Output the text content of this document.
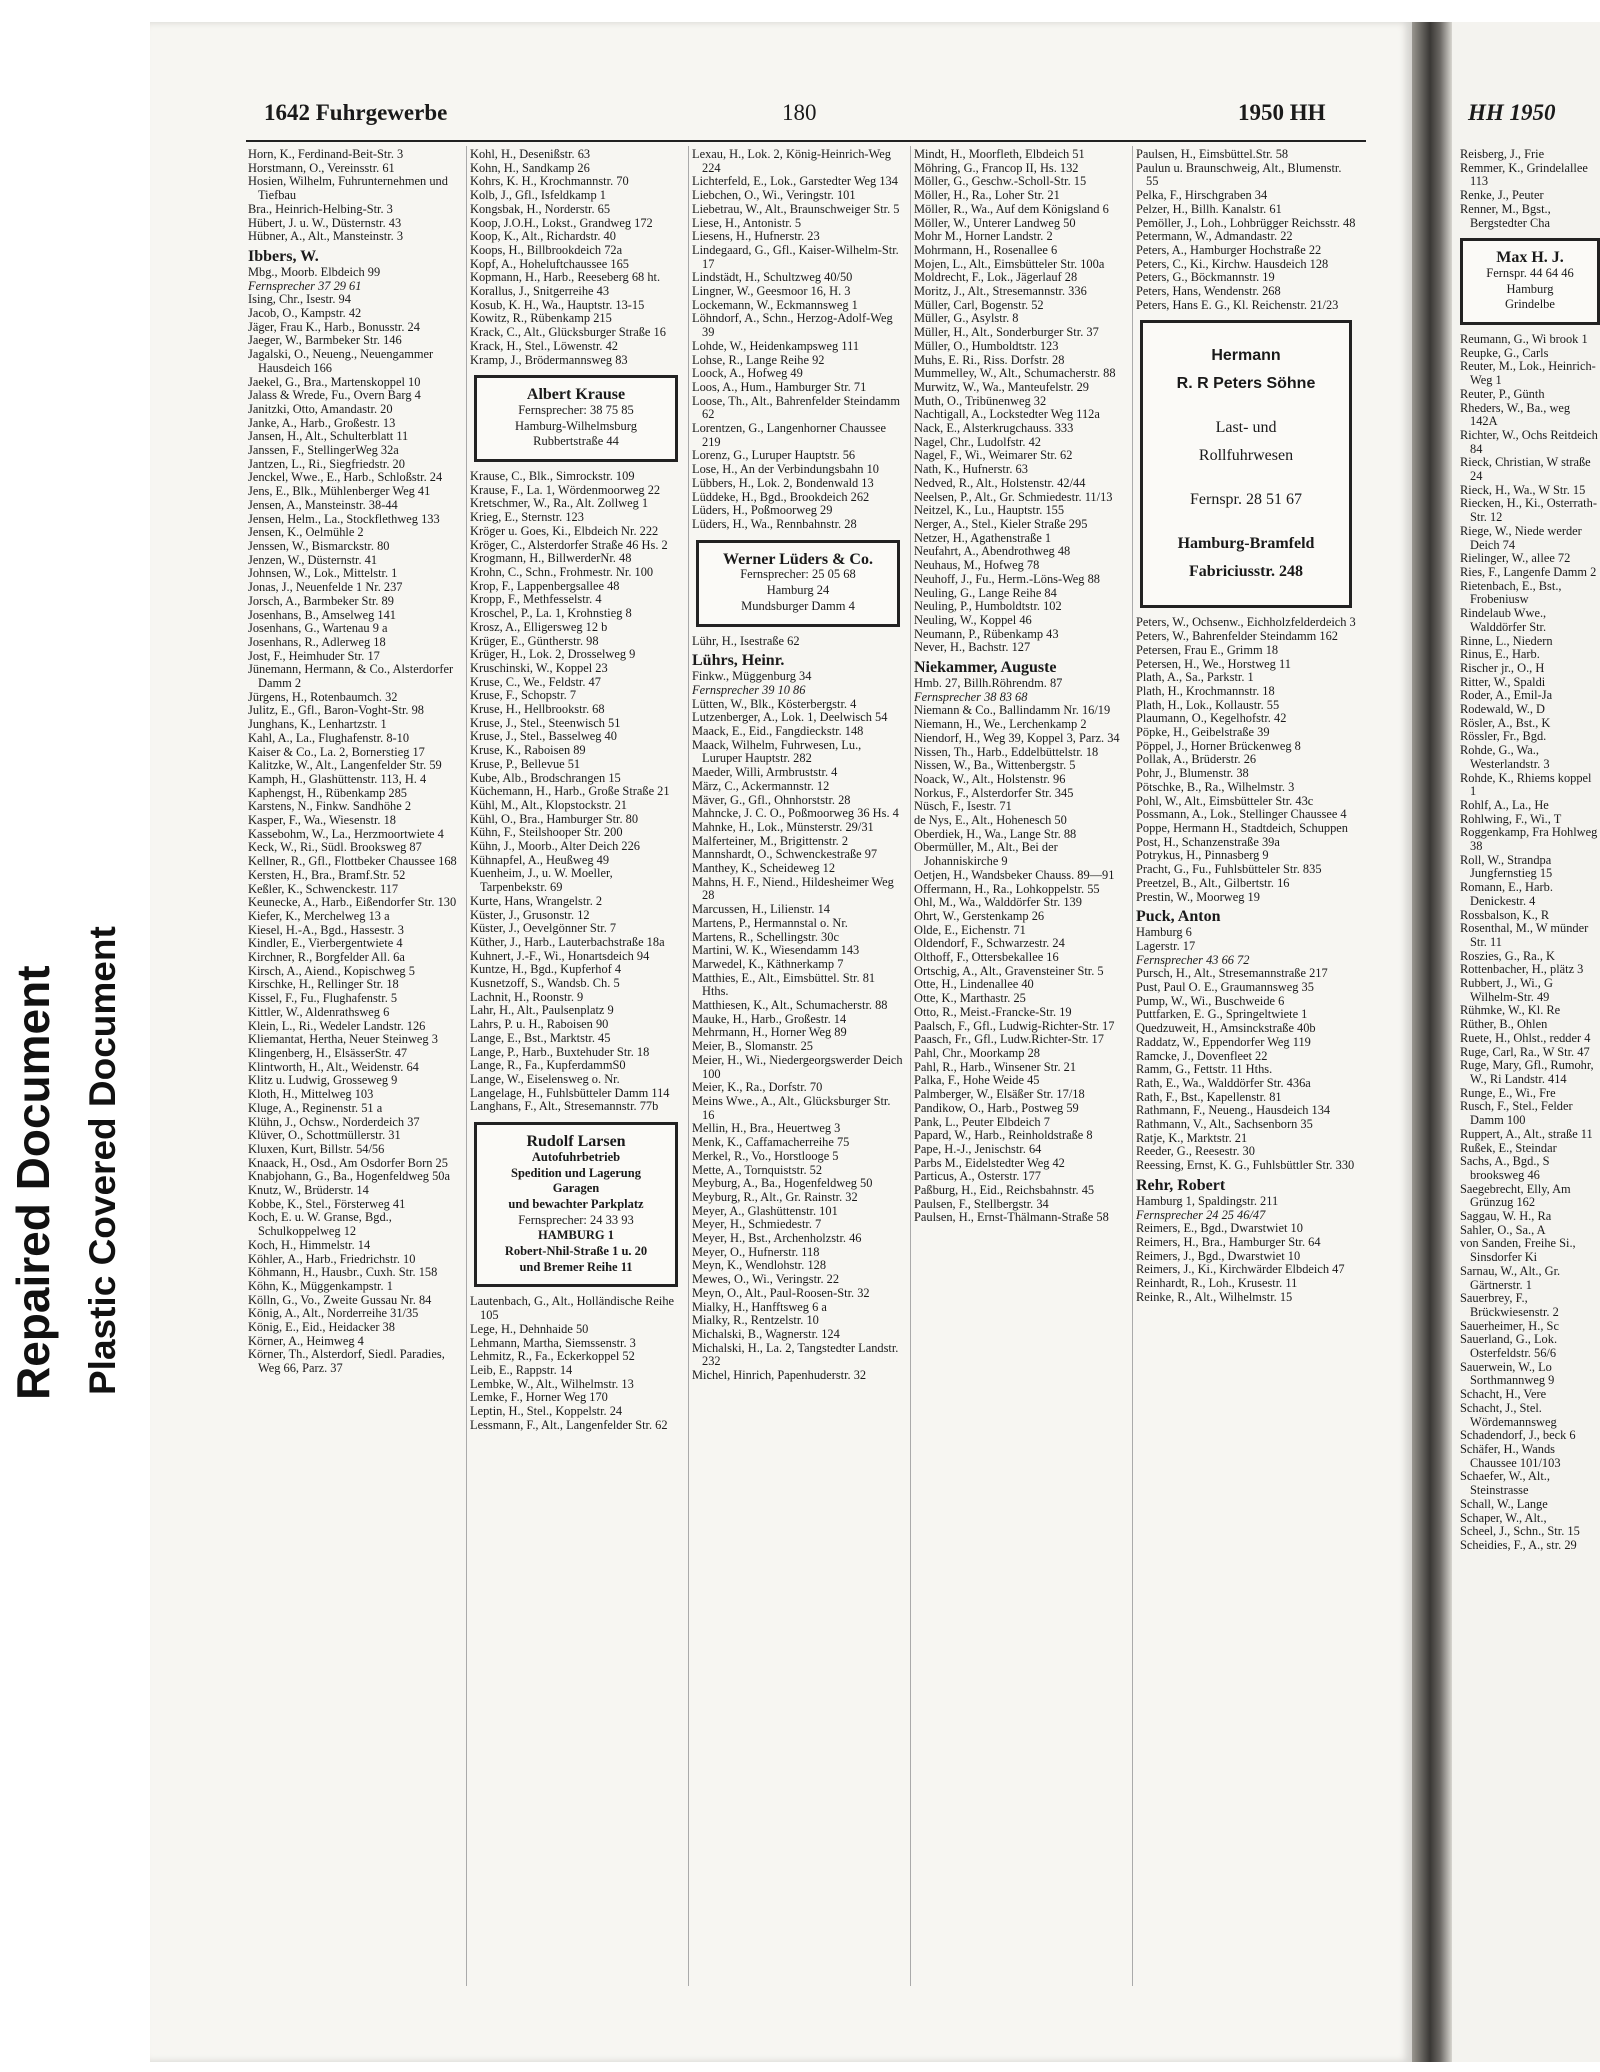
Repaired Document Plastic Covered Document
1642 Fuhrgewerbe	180	1950 HH

Horn, K., Ferdinand-Beit-Str. 3

Horstmann, O., Vereinsstr. 61

Hosien, Wilhelm, Fuhrunternehmen und Tiefbau

Bra., Heinrich-Helbing-Str. 3

Hübert, J. u. W., Düsternstr. 43

Hübner, A., Alt., Mansteinstr. 3

Ibbers, W.

Mbg., Moorb. Elbdeich 99

Fernsprecher 37 29 61

Ising, Chr., Isestr. 94

Jacob, O., Kampstr. 42

Jäger, Frau K., Harb., Bonusstr. 24

Jaeger, W., Barmbeker Str. 146

Jagalski, O., Neueng., Neuengammer Hausdeich 166

Jaekel, G., Bra., Martenskoppel 10

Jalass & Wrede, Fu., Overn Barg 4

Janitzki, Otto, Amandastr. 20

Janke, A., Harb., Großestr. 13

Jansen, H., Alt., Schulterblatt 11

Janssen, F., StellingerWeg 32a

Jantzen, L., Ri., Siegfriedstr. 20

Jenckel, Wwe., E., Harb., Schloßstr. 24

Jens, E., Blk., Mühlenberger Weg 41

Jensen, A., Mansteinstr. 38-44

Jensen, Helm., La., Stockflethweg 133

Jensen, K., Oelmühle 2

Jenssen, W., Bismarckstr. 80

Jenzen, W., Düsternstr. 41

Johnsen, W., Lok., Mittelstr. 1

Jonas, J., Neuenfelde 1 Nr. 237

Jorsch, A., Barmbeker Str. 89

Josenhans, B., Amselweg 141

Josenhans, G., Wartenau 9 a

Josenhans, R., Adlerweg 18

Jost, F., Heimhuder Str. 17

Jünemann, Hermann, & Co., Alsterdorfer Damm 2

Jürgens, H., Rotenbaumch. 32

Julitz, E., Gfl., Baron-Voght-Str. 98

Junghans, K., Lenhartzstr. 1

Kahl, A., La., Flughafenstr. 8-10

Kaiser & Co., La. 2, Bornerstieg 17

Kalitzke, W., Alt., Langenfelder Str. 59

Kamph, H., Glashüttenstr. 113, H. 4

Kaphengst, H., Rübenkamp 285

Karstens, N., Finkw. Sandhöhe 2

Kasper, F., Wa., Wiesenstr. 18

Kassebohm, W., La., Herzmoortwiete 4

Keck, W., Ri., Südl. Brooksweg 87

Kellner, R., Gfl., Flottbeker Chaussee 168

Kersten, H., Bra., Bramf.Str. 52

Keßler, K., Schwenckestr. 117

Keunecke, A., Harb., Eißendorfer Str. 130

Kiefer, K., Merchelweg 13 a

Kiesel, H.-A., Bgd., Hassestr. 3

Kindler, E., Vierbergentwiete 4

Kirchner, R., Borgfelder All. 6a

Kirsch, A., Aiend., Kopischweg 5

Kirschke, H., Rellinger Str. 18

Kissel, F., Fu., Flughafenstr. 5

Kittler, W., Aldenrathsweg 6

Klein, L., Ri., Wedeler Landstr. 126

Kliemantat, Hertha, Neuer Steinweg 3

Klingenberg, H., ElsässerStr. 47

Klintworth, H., Alt., Weidenstr. 64

Klitz u. Ludwig, Grosseweg 9

Kloth, H., Mittelweg 103

Kluge, A., Reginenstr. 51 a

Klühn, J., Ochsw., Norderdeich 37

Klüver, O., Schottmüllerstr. 31

Kluxen, Kurt, Billstr. 54/56

Knaack, H., Osd., Am Osdorfer Born 25

Knabjohann, G., Ba., Hogenfeldweg 50a

Knutz, W., Brüderstr. 14

Kobbe, K., Stel., Försterweg 41

Koch, E. u. W. Granse, Bgd., Schulkoppelweg 12

Koch, H., Himmelstr. 14

Köhler, A., Harb., Friedrichstr. 10

Köhmann, H., Hausbr., Cuxh. Str. 158

Köhn, K., Müggenkampstr. 1

Kölln, G., Vo., Zweite Gussau Nr. 84

König, A., Alt., Norderreihe 31/35

König, E., Eid., Heidacker 38

Körner, A., Heimweg 4

Körner, Th., Alsterdorf, Siedl. Paradies, Weg 66, Parz. 37

Kohl, H., Desenißstr. 63

Kohn, H., Sandkamp 26

Kohrs, K. H., Krochmannstr. 70

Kolb, J., Gfl., Isfeldkamp 1

Kongsbak, H., Norderstr. 65

Koop, J.O.H., Lokst., Grandweg 172

Koop, K., Alt., Richardstr. 40

Koops, H., Billbrookdeich 72a

Kopf, A., Hoheluftchaussee 165

Kopmann, H., Harb., Reeseberg 68 ht.

Korallus, J., Snitgerreihe 43

Kosub, K. H., Wa., Hauptstr. 13-15

Kowitz, R., Rübenkamp 215

Krack, C., Alt., Glücksburger Straße 16

Krack, H., Stel., Löwenstr. 42

Kramp, J., Brödermannsweg 83

Albert Krause
Fernsprecher: 38 75 85
Hamburg-Wilhelmsburg
Rubbertstraße 44

Krause, C., Blk., Simrockstr. 109

Krause, F., La. 1, Wördenmoorweg 22

Kretschmer, W., Ra., Alt. Zollweg 1

Krieg, E., Sternstr. 123

Kröger u. Goes, Ki., Elbdeich Nr. 222

Kröger, C., Alsterdorfer Straße 46 Hs. 2

Krogmann, H., BillwerderNr. 48

Krohn, C., Schn., Frohmestr. Nr. 100

Krop, F., Lappenbergsallee 48

Kropp, F., Methfesselstr. 4

Kroschel, P., La. 1, Krohnstieg 8

Krosz, A., Elligersweg 12 b

Krüger, E., Güntherstr. 98

Krüger, H., Lok. 2, Drosselweg 9

Kruschinski, W., Koppel 23

Kruse, C., We., Feldstr. 47

Kruse, F., Schopstr. 7

Kruse, H., Hellbrookstr. 68

Kruse, J., Stel., Steenwisch 51

Kruse, J., Stel., Basselweg 40

Kruse, K., Raboisen 89

Kruse, P., Bellevue 51

Kube, Alb., Brodschrangen 15

Küchemann, H., Harb., Große Straße 21

Kühl, M., Alt., Klopstockstr. 21

Kühl, O., Bra., Hamburger Str. 80

Kühn, F., Steilshooper Str. 200

Kühn, J., Moorb., Alter Deich 226

Kühnapfel, A., Heußweg 49

Kuenheim, J., u. W. Moeller, Tarpenbekstr. 69

Kurte, Hans, Wrangelstr. 2

Küster, J., Grusonstr. 12

Küster, J., Oevelgönner Str. 7

Küther, J., Harb., Lauterbachstraße 18a

Kuhnert, J.-F., Wi., Honartsdeich 94

Kuntze, H., Bgd., Kupferhof 4

Kusnetzoff, S., Wandsb. Ch. 5

Lachnit, H., Roonstr. 9

Lahr, H., Alt., Paulsenplatz 9

Lahrs, P. u. H., Raboisen 90

Lange, E., Bst., Marktstr. 45

Lange, P., Harb., Buxtehuder Str. 18

Lange, R., Fa., KupferdammS0

Lange, W., Eiselensweg o. Nr.

Langelage, H., Fuhlsbütteler Damm 114

Langhans, F., Alt., Stresemannstr. 77b

Rudolf Larsen
Autofuhrbetrieb
Spedition und Lagerung
Garagen
und bewachter Parkplatz
Fernsprecher: 24 33 93
HAMBURG 1
Robert-Nhil-Straße 1 u. 20
und Bremer Reihe 11

Lautenbach, G., Alt., Holländische Reihe 105

Lege, H., Dehnhaide 50

Lehmann, Martha, Siemssenstr. 3

Lehmitz, R., Fa., Eckerkoppel 52

Leib, E., Rappstr. 14

Lembke, W., Alt., Wilhelmstr. 13

Lemke, F., Horner Weg 170

Leptin, H., Stel., Koppelstr. 24

Lessmann, F., Alt., Langenfelder Str. 62

Lexau, H., Lok. 2, König-Heinrich-Weg 224

Lichterfeld, E., Lok., Garstedter Weg 134

Liebchen, O., Wi., Veringstr. 101

Liebetrau, W., Alt., Braunschweiger Str. 5

Liese, H., Antonistr. 5

Liesens, H., Hufnerstr. 23

Lindegaard, G., Gfl., Kaiser-Wilhelm-Str. 17

Lindstädt, H., Schultzweg 40/50

Lingner, W., Geesmoor 16, H. 3

Lockemann, W., Eckmannsweg 1

Löhndorf, A., Schn., Herzog-Adolf-Weg 39

Lohde, W., Heidenkampsweg 111

Lohse, R., Lange Reihe 92

Loock, A., Hofweg 49

Loos, A., Hum., Hamburger Str. 71

Loose, Th., Alt., Bahrenfelder Steindamm 62

Lorentzen, G., Langenhorner Chaussee 219

Lorenz, G., Luruper Hauptstr. 56

Lose, H., An der Verbindungsbahn 10

Lübbers, H., Lok. 2, Bondenwald 13

Lüddeke, H., Bgd., Brookdeich 262

Lüders, H., Poßmoorweg 29

Lüders, H., Wa., Rennbahnstr. 28

Werner Lüders & Co.
Fernsprecher: 25 05 68
Hamburg 24
Mundsburger Damm 4

Lühr, H., Isestraße 62

Lührs, Heinr.

Finkw., Müggenburg 34

Fernsprecher 39 10 86

Lütten, W., Blk., Kösterbergstr. 4

Lutzenberger, A., Lok. 1, Deelwisch 54

Maack, E., Eid., Fangdieckstr. 148

Maack, Wilhelm, Fuhrwesen, Lu., Luruper Hauptstr. 282

Maeder, Willi, Armbruststr. 4

März, C., Ackermannstr. 12

Mäver, G., Gfl., Ohnhorststr. 28

Mahncke, J. C. O., Poßmoorweg 36 Hs. 4

Mahnke, H., Lok., Münsterstr. 29/31

Malferteiner, M., Brigittenstr. 2

Mannshardt, O., Schwenckestraße 97

Manthey, K., Scheideweg 12

Mahns, H. F., Niend., Hildesheimer Weg 28

Marcussen, H., Lilienstr. 14

Martens, P., Hermannstal o. Nr.

Martens, R., Schellingstr. 30c

Martini, W. K., Wiesendamm 143

Marwedel, K., Käthnerkamp 7

Matthies, E., Alt., Eimsbüttel. Str. 81 Hths.

Matthiesen, K., Alt., Schumacherstr. 88

Mauke, H., Harb., Großestr. 14

Mehrmann, H., Horner Weg 89

Meier, B., Slomanstr. 25

Meier, H., Wi., Niedergeorgswerder Deich 100

Meier, K., Ra., Dorfstr. 70

Meins Wwe., A., Alt., Glücksburger Str. 16

Mellin, H., Bra., Heuertweg 3

Menk, K., Caffamacherreihe 75

Merkel, R., Vo., Horstlooge 5

Mette, A., Tornquiststr. 52

Meyburg, A., Ba., Hogenfeldweg 50

Meyburg, R., Alt., Gr. Rainstr. 32

Meyer, A., Glashüttenstr. 101

Meyer, H., Schmiedestr. 7

Meyer, H., Bst., Archenholzstr. 46

Meyer, O., Hufnerstr. 118

Meyn, K., Wendlohstr. 128

Mewes, O., Wi., Veringstr. 22

Meyn, O., Alt., Paul-Roosen-Str. 32

Mialky, H., Hanfftsweg 6 a

Mialky, R., Rentzelstr. 10

Michalski, B., Wagnerstr. 124

Michalski, H., La. 2, Tangstedter Landstr. 232

Michel, Hinrich, Papenhuderstr. 32

Mindt, H., Moorfleth, Elbdeich 51

Möhring, G., Francop II, Hs. 132

Möller, G., Geschw.-Scholl-Str. 15

Möller, H., Ra., Loher Str. 21

Möller, R., Wa., Auf dem Königsland 6

Möller, W., Unterer Landweg 50

Mohr M., Horner Landstr. 2

Mohrmann, H., Rosenallee 6

Mojen, L., Alt., Eimsbütteler Str. 100a

Moldrecht, F., Lok., Jägerlauf 28

Moritz, J., Alt., Stresemannstr. 336

Müller, Carl, Bogenstr. 52

Müller, G., Asylstr. 8

Müller, H., Alt., Sonderburger Str. 37

Müller, O., Humboldtstr. 123

Muhs, E. Ri., Riss. Dorfstr. 28

Mummelley, W., Alt., Schumacherstr. 88

Murwitz, W., Wa., Manteufelstr. 29

Muth, O., Tribünenweg 32

Nachtigall, A., Lockstedter Weg 112a

Nack, E., Alsterkrugchauss. 333

Nagel, Chr., Ludolfstr. 42

Nagel, F., Wi., Weimarer Str. 62

Nath, K., Hufnerstr. 63

Nedved, R., Alt., Holstenstr. 42/44

Neelsen, P., Alt., Gr. Schmiedestr. 11/13

Neitzel, K., Lu., Hauptstr. 155

Nerger, A., Stel., Kieler Straße 295

Netzer, H., Agathenstraße 1

Neufahrt, A., Abendrothweg 48

Neuhaus, M., Hofweg 78

Neuhoff, J., Fu., Herm.-Löns-Weg 88

Neuling, G., Lange Reihe 84

Neuling, P., Humboldtstr. 102

Neuling, W., Koppel 46

Neumann, P., Rübenkamp 43

Never, H., Bachstr. 127

Niekammer, Auguste

Hmb. 27, Billh.Röhrendm. 87

Fernsprecher 38 83 68

Niemann & Co., Ballindamm Nr. 16/19

Niemann, H., We., Lerchenkamp 2

Niendorf, H., Weg 39, Koppel 3, Parz. 34

Nissen, Th., Harb., Eddelbüttelstr. 18

Nissen, W., Ba., Wittenbergstr. 5

Noack, W., Alt., Holstenstr. 96

Norkus, F., Alsterdorfer Str. 345

Nüsch, F., Isestr. 71

de Nys, E., Alt., Hohenesch 50

Oberdiek, H., Wa., Lange Str. 88

Obermüller, M., Alt., Bei der Johanniskirche 9

Oetjen, H., Wandsbeker Chauss. 89—91

Offermann, H., Ra., Lohkoppelstr. 55

Ohl, M., Wa., Walddörfer Str. 139

Ohrt, W., Gerstenkamp 26

Olde, E., Eichenstr. 71

Oldendorf, F., Schwarzestr. 24

Olthoff, F., Ottersbekallee 16

Ortschig, A., Alt., Gravensteiner Str. 5

Otte, H., Lindenallee 40

Otte, K., Marthastr. 25

Otto, R., Meist.-Francke-Str. 19

Paalsch, F., Gfl., Ludwig-Richter-Str. 17

Paasch, Fr., Gfl., Ludw.Richter-Str. 17

Pahl, Chr., Moorkamp 28

Pahl, R., Harb., Winsener Str. 21

Palka, F., Hohe Weide 45

Palmberger, W., Elsäßer Str. 17/18

Pandikow, O., Harb., Postweg 59

Pank, L., Peuter Elbdeich 7

Papard, W., Harb., Reinholdstraße 8

Pape, H.-J., Jenischstr. 64

Parbs M., Eidelstedter Weg 42

Particus, A., Osterstr. 177

Paßburg, H., Eid., Reichsbahnstr. 45

Paulsen, F., Stellbergstr. 34

Paulsen, H., Ernst-Thälmann-Straße 58

Paulsen, H., Eimsbüttel.Str. 58

Paulun u. Braunschweig, Alt., Blumenstr. 55

Pelka, F., Hirschgraben 34

Pelzer, H., Billh. Kanalstr. 61

Pemöller, J., Loh., Lohbrügger Reichsstr. 48

Petermann, W., Admandastr. 22

Peters, A., Hamburger Hochstraße 22

Peters, C., Ki., Kirchw. Hausdeich 128

Peters, G., Böckmannstr. 19

Peters, Hans, Wendenstr. 268

Peters, Hans E. G., Kl. Reichenstr. 21/23

Hermann
R. R Peters Söhne
Last- und
Rollfuhrwesen
Fernspr. 28 51 67
Hamburg-Bramfeld
Fabriciusstr. 248

Peters, W., Ochsenw., Eichholzfelderdeich 3

Peters, W., Bahrenfelder Steindamm 162

Petersen, Frau E., Grimm 18

Petersen, H., We., Horstweg 11

Plath, A., Sa., Parkstr. 1

Plath, H., Krochmannstr. 18

Plath, H., Lok., Kollaustr. 55

Plaumann, O., Kegelhofstr. 42

Pöpke, H., Geibelstraße 39

Pöppel, J., Horner Brückenweg 8

Pollak, A., Brüderstr. 26

Pohr, J., Blumenstr. 38

Pötschke, B., Ra., Wilhelmstr. 3

Pohl, W., Alt., Eimsbütteler Str. 43c

Possmann, A., Lok., Stellinger Chaussee 4

Poppe, Hermann H., Stadtdeich, Schuppen

Post, H., Schanzenstraße 39a

Potrykus, H., Pinnasberg 9

Pracht, G., Fu., Fuhlsbütteler Str. 835

Preetzel, B., Alt., Gilbertstr. 16

Prestin, W., Moorweg 19

Puck, Anton

Hamburg 6

Lagerstr. 17

Fernsprecher 43 66 72

Pursch, H., Alt., Stresemannstraße 217

Pust, Paul O. E., Graumannsweg 35

Pump, W., Wi., Buschweide 6

Puttfarken, E. G., Springeltwiete 1

Quedzuweit, H., Amsinckstraße 40b

Raddatz, W., Eppendorfer Weg 119

Ramcke, J., Dovenfleet 22

Ramm, G., Fettstr. 11 Hths.

Rath, E., Wa., Walddörfer Str. 436a

Rath, F., Bst., Kapellenstr. 81

Rathmann, F., Neueng., Hausdeich 134

Rathmann, V., Alt., Sachsenborn 35

Ratje, K., Marktstr. 21

Reeder, G., Reesestr. 30

Reessing, Ernst, K. G., Fuhlsbüttler Str. 330

Rehr, Robert

Hamburg 1, Spaldingstr. 211

Fernsprecher 24 25 46/47

Reimers, E., Bgd., Dwarstwiet 10

Reimers, H., Bra., Hamburger Str. 64

Reimers, J., Bgd., Dwarstwiet 10

Reimers, J., Ki., Kirchwärder Elbdeich 47

Reinhardt, R., Loh., Krusestr. 11

Reinke, R., Alt., Wilhelmstr. 15

HH 1950

Reisberg, J., Frie

Remmer, K., Grindelallee 113

Renke, J., Peuter

Renner, M., Bgst., Bergstedter Cha

Max H. J.
Fernspr. 44 64 46
Hamburg
Grindelbe

Reumann, G., Wi brook 1

Reupke, G., Carls

Reuter, M., Lok., Heinrich-Weg 1

Reuter, P., Günth

Rheders, W., Ba., weg 142A

Richter, W., Ochs Reitdeich 84

Rieck, Christian, W straße 24

Rieck, H., Wa., W Str. 15

Riecken, H., Ki., Osterrath-Str. 12

Riege, W., Niede werder Deich 74

Rielinger, W., allee 72

Ries, F., Langenfe Damm 2

Rietenbach, E., Bst., Frobeniusw

Rindelaub Wwe., Walddörfer Str.

Rinne, L., Niedern

Rinus, E., Harb.

Rischer jr., O., H

Ritter, W., Spaldi

Roder, A., Emil-Ja

Rodewald, W., D

Rösler, A., Bst., K

Rössler, Fr., Bgd.

Rohde, G., Wa., Westerlandstr. 3

Rohde, K., Rhiems koppel 1

Rohlf, A., La., He

Rohlwing, F., Wi., T

Roggenkamp, Fra Hohlweg 38

Roll, W., Strandpa Jungfernstieg 15

Romann, E., Harb. Denickestr. 4

Rossbalson, K., R

Rosenthal, M., W münder Str. 11

Roszies, G., Ra., K

Rottenbacher, H., plätz 3

Rubbert, J., Wi., G Wilhelm-Str. 49

Rühmke, W., Kl. Re

Rüther, B., Ohlen

Ruete, H., Ohlst., redder 4

Ruge, Carl, Ra., W Str. 47

Ruge, Mary, Gfl., Rumohr, W., Ri Landstr. 414

Runge, E., Wi., Fre

Rusch, F., Stel., Felder Damm 100

Ruppert, A., Alt., straße 11

Rußek, E., Steindar

Sachs, A., Bgd., S brooksweg 46

Saegebrecht, Elly, Am Grünzug 162

Saggau, W. H., Ra

Sahler, O., Sa., A

von Sanden, Freihe Si., Sinsdorfer Ki

Sarnau, W., Alt., Gr. Gärtnerstr. 1

Sauerbrey, F., Brückwiesenstr. 2

Sauerheimer, H., Sc

Sauerland, G., Lok. Osterfeldstr. 56/6

Sauerwein, W., Lo Sorthmannweg 9

Schacht, H., Vere

Schacht, J., Stel. Wördemannsweg

Schadendorf, J., beck 6

Schäfer, H., Wands Chaussee 101/103

Schaefer, W., Alt., Steinstrasse

Schall, W., Lange

Schaper, W., Alt.,

Scheel, J., Schn., Str. 15

Scheidies, F., A., str. 29
